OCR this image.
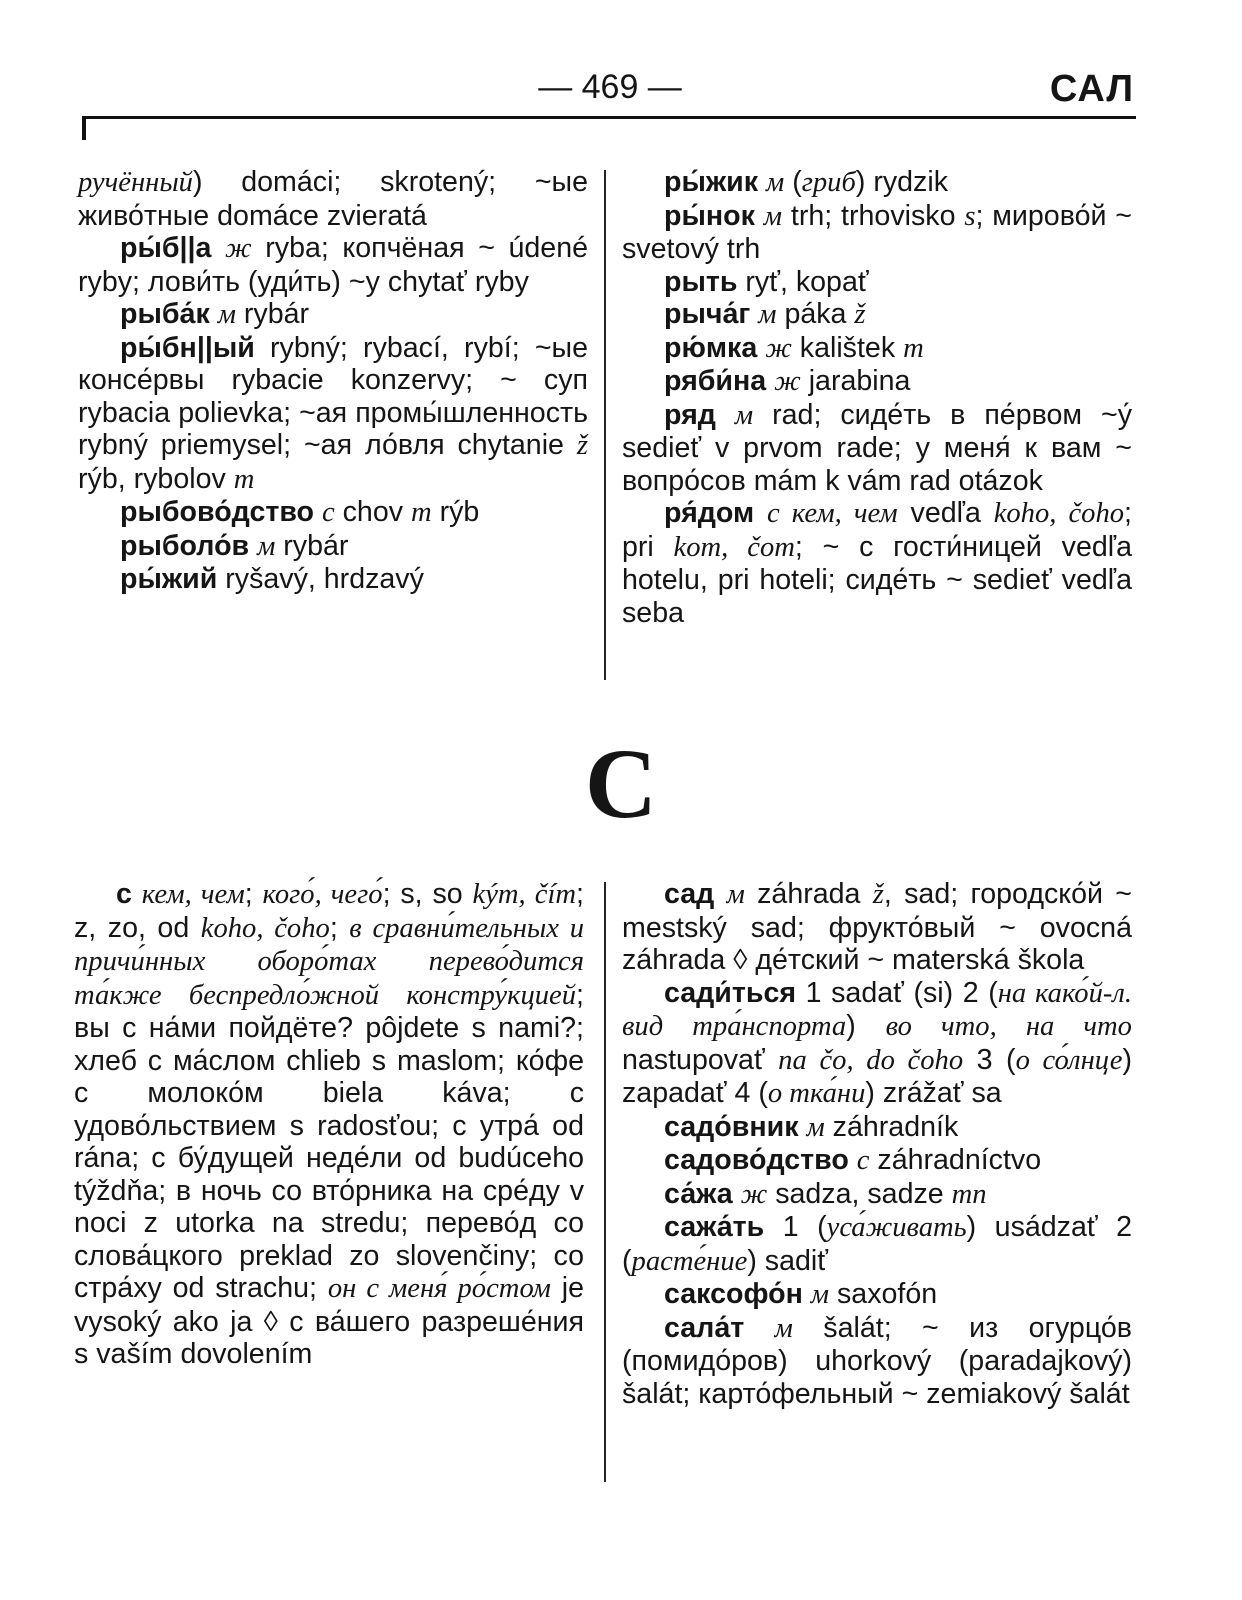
— 469 —	САЛ

ручённый) domáci; skrotený; ~ые живо́тные domáce zvieratá

ры́б||а ж ryba; копчёная ~ údené ryby; лови́ть (уди́ть) ~у chytať ryby

рыба́к м rybár

ры́бн||ый rybný; rybací, rybí; ~ые консе́рвы rybacie konzervy; ~ суп rybacia polievka; ~ая промы́шленность rybný priemysel; ~ая ло́вля chytanie ž rýb, rybolov m

рыбово́дство с chov m rýb

рыболо́в м rybár

ры́жий ryšavý, hrdzavý

ры́жик м (гриб) rydzik

ры́нок м trh; trhovisko s; мирово́й ~ svetový trh

рыть ryť, kopať

рыча́г м páka ž

рю́мка ж kalištek m

ряби́на ж jarabina

ряд м rad; сиде́ть в пе́рвом ~у́ sedieť v prvom rade; у меня́ к вам ~ вопро́сов mám k vám rad otázok

ря́дом с кем, чем vedľa koho, čoho; pri kom, čom; ~ с гости́ницей vedľa hotelu, pri hoteli; сиде́ть ~ sedieť vedľa seba

С

с кем, чем; кого́, чего́; s, so kým, čím; z, zo, od koho, čoho; в сравни́тельных и причи́нных оборо́тах перево́дится та́кже беспредло́жной констру́кцией; вы с на́ми пойдёте? pôjdete s nami?; хлеб с ма́слом chlieb s maslom; ко́фе с молоко́м biela káva; с удово́льствием s radosťou; с утра́ od rána; с бу́дущей неде́ли od budúceho týždňa; в ночь со вто́рника на сре́ду v noci z utorka na stredu; перево́д со слова́цкого preklad zo slovenčiny; со стра́ху od strachu; он с меня́ ро́стом je vysoký ako ja ◊ с ва́шего разреше́ния s vaším dovolením

сад м záhrada ž, sad; городско́й ~ mestský sad; фрукто́вый ~ ovocná záhrada ◊ де́тский ~ materská škola

сади́ться 1 sadať (si) 2 (на како́й-л. вид тра́нспорта) во что, на что nastupovať na čo, do čoho 3 (о со́лнце) zapadať 4 (о тка́ни) zrážať sa

садо́вник м záhradník

садово́дство с záhradníctvo

са́жа ж sadza, sadze mn

сажа́ть 1 (уса́живать) usádzať 2 (расте́ние) sadiť

саксофо́н м saxofón

сала́т м šalát; ~ из огурцо́в (помидо́ров) uhorkový (paradajkový) šalát; карто́фельный ~ zemiakový šalát
